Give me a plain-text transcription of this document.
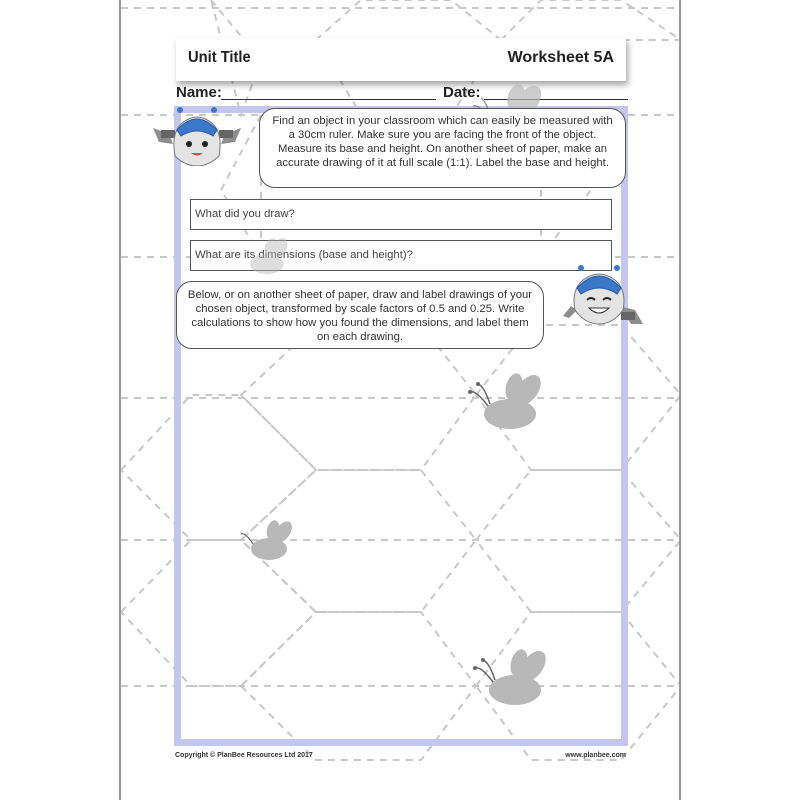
Unit Title	Worksheet 5A
Name:	Date:
Find an object in your classroom which can easily be measured with a 30cm ruler. Make sure you are facing the front of the object. Measure its base and height. On another sheet of paper, make an accurate drawing of it at full scale (1:1). Label the base and height.
What did you draw?
What are its dimensions (base and height)?
Below, or on another sheet of paper, draw and label drawings of your chosen object, transformed by scale factors of 0.5 and 0.25. Write calculations to show how you found the dimensions, and label them on each drawing.
Copyright © PlanBee Resources Ltd 2017	www.planbee.com
